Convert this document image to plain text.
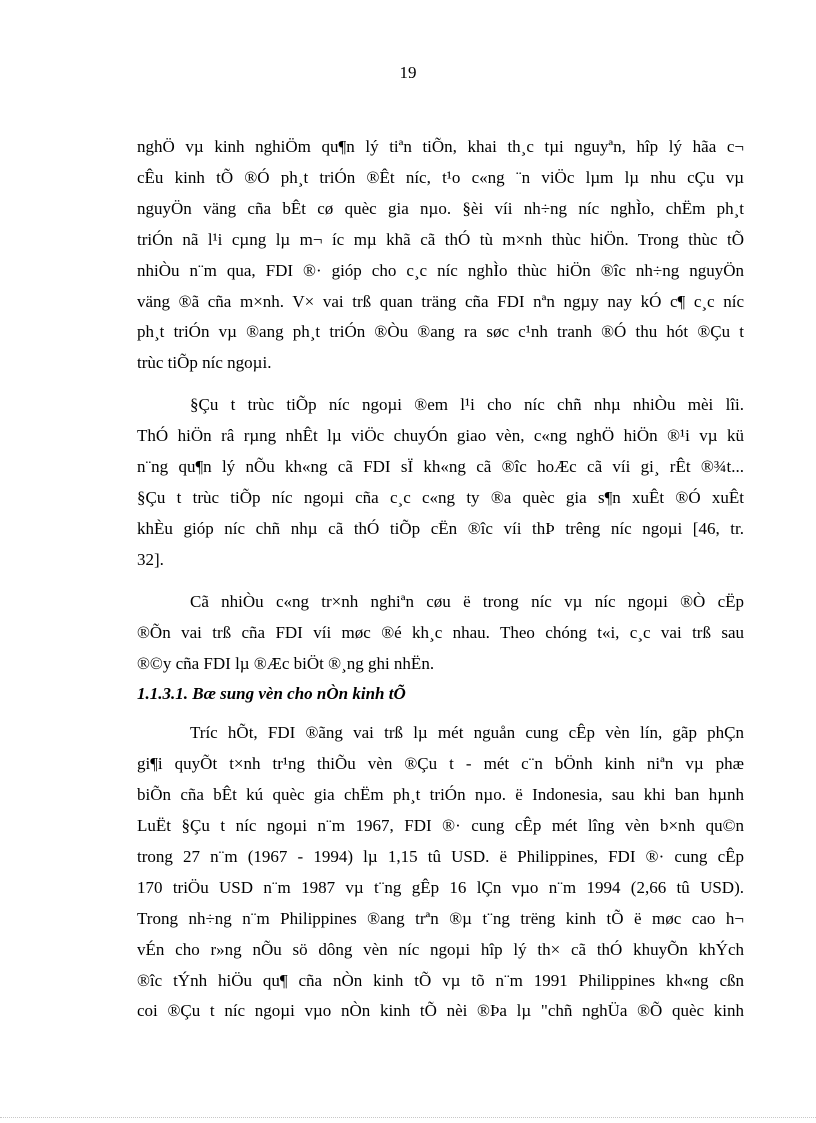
19

nghÖ vµ kinh nghiÖm qu¶n lý tiªn tiÕn, khai th¸c tµi nguyªn, hîp lý hãa c¬
cÊu kinh tÕ ®Ó ph¸t triÓn ®Êt níc, t¹o c«ng ¨n viÖc lµm lµ nhu cÇu vµ
nguyÖn väng cña bÊt cø quèc gia nµo. §èi víi nh÷ng níc nghÌo, chËm ph¸t
triÓn nã l¹i cµng lµ m¬ íc mµ khã cã thÓ tù m×nh thùc hiÖn. Trong thùc tÕ
nhiÒu n¨m qua, FDI ®· gióp cho c¸c níc nghÌo thùc hiÖn ®îc nh÷ng nguyÖn
väng ®ã cña m×nh. V× vai trß quan träng cña FDI nªn ngµy nay kÓ c¶ c¸c níc
ph¸t triÓn vµ ®ang ph¸t triÓn ®Òu ®ang ra søc c¹nh tranh ®Ó thu hót ®Çu t
trùc tiÕp níc ngoµi.

§Çu t trùc tiÕp níc ngoµi ®em l¹i cho níc chñ nhµ nhiÒu mèi lîi.
ThÓ hiÖn râ rµng nhÊt lµ viÖc chuyÓn giao vèn, c«ng nghÖ hiÖn ®¹i vµ kü
n¨ng qu¶n lý nÕu kh«ng cã FDI sÏ kh«ng cã ®îc hoÆc cã víi gi¸ rÊt ®¾t...
§Çu t trùc tiÕp níc ngoµi cña c¸c c«ng ty ®a quèc gia s¶n xuÊt ®Ó xuÊt
khÈu gióp níc chñ nhµ cã thÓ tiÕp cËn ®îc víi thÞ trêng níc ngoµi [46, tr.
32].

Cã nhiÒu c«ng tr×nh nghiªn cøu ë trong níc vµ níc ngoµi ®Ò cËp
®Õn vai trß cña FDI víi møc ®é kh¸c nhau. Theo chóng t«i, c¸c vai trß sau
®©y cña FDI lµ ®Æc biÖt ®¸ng ghi nhËn.

1.1.3.1. Bæ sung vèn cho nÒn kinh tÕ

Tríc hÕt, FDI ®ãng vai trß lµ mét nguån cung cÊp vèn lín, gãp phÇn
gi¶i quyÕt t×nh tr¹ng thiÕu vèn ®Çu t - mét c¨n bÖnh kinh niªn vµ phæ
biÕn cña bÊt kú quèc gia chËm ph¸t triÓn nµo. ë Indonesia, sau khi ban hµnh
LuËt §Çu t níc ngoµi n¨m 1967, FDI ®· cung cÊp mét lîng vèn b×nh qu©n
trong 27 n¨m (1967 - 1994) lµ 1,15 tû USD. ë Philippines, FDI ®· cung cÊp
170 triÖu USD n¨m 1987 vµ t¨ng gÊp 16 lÇn vµo n¨m 1994 (2,66 tû USD).
Trong nh÷ng n¨m Philippines ®ang trªn ®µ t¨ng trëng kinh tÕ ë møc cao h¬
vÉn cho r»ng nÕu sö dông vèn níc ngoµi hîp lý th× cã thÓ khuyÕn khÝch
®îc tÝnh hiÖu qu¶ cña nÒn kinh tÕ vµ tõ n¨m 1991 Philippines kh«ng cßn
coi ®Çu t níc ngoµi vµo nÒn kinh tÕ nèi ®Þa lµ "chñ nghÜa ®Õ quèc kinh
